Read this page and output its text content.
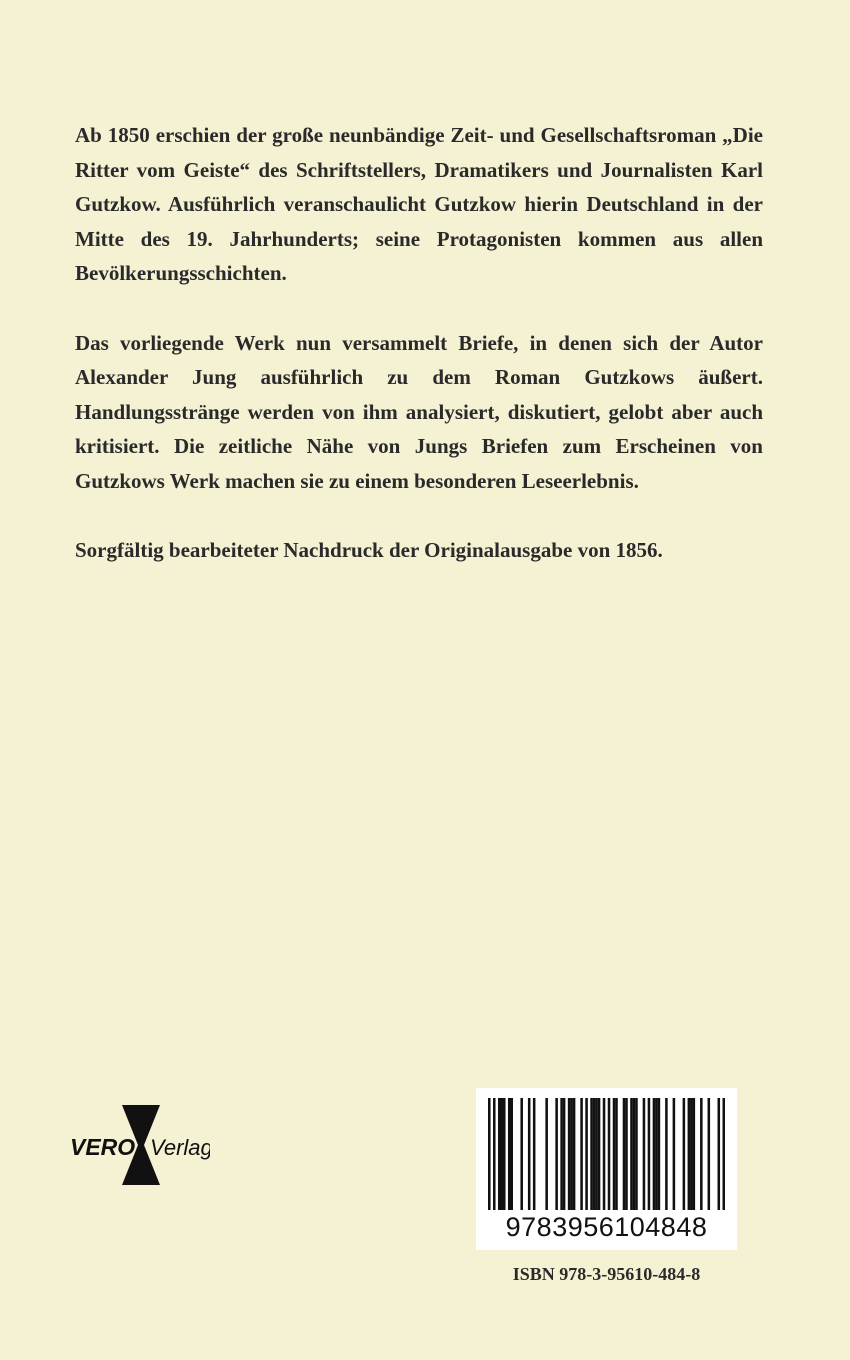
Ab 1850 erschien der große neunbändige Zeit- und Gesellschaftsroman „Die Ritter vom Geiste“ des Schriftstellers, Dramatikers und Journalisten Karl Gutzkow. Ausführlich veranschaulicht Gutzkow hierin Deutschland in der Mitte des 19. Jahrhunderts; seine Protagonisten kommen aus allen Bevölkerungsschichten.

Das vorliegende Werk nun versammelt Briefe, in denen sich der Autor Alexander Jung ausführlich zu dem Roman Gutzkows äußert. Handlungsstränge werden von ihm analysiert, diskutiert, gelobt aber auch kritisiert. Die zeitliche Nähe von Jungs Briefen zum Erscheinen von Gutzkows Werk machen sie zu einem besonderen Leseerlebnis.

Sorgfältig bearbeiteter Nachdruck der Originalausgabe von 1856.

VERO Verlag
9783956104848
ISBN 978-3-95610-484-8
